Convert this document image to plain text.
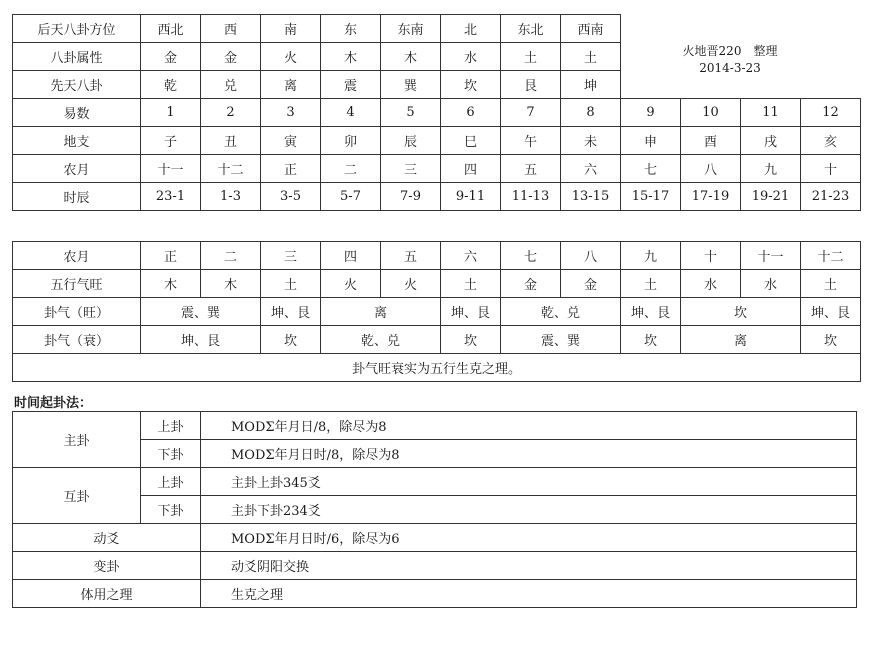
后天八卦方位	西北	西	南	东	东南	北	东北	西南				
八卦属性	金	金	火	木	木	水	土	土				
先天八卦	乾	兑	离	震	巽	坎	艮	坤				
易数	1	2	3	4	5	6	7	8	9	10	11	12
地支	子	丑	寅	卯	辰	巳	午	未	申	酉	戌	亥
农月	十一	十二	正	二	三	四	五	六	七	八	九	十
时辰	23-1	1-3	3-5	5-7	7-9	9-11	11-13	13-15	15-17	17-19	19-21	21-23
火地晋220　整理
2014-3-23
农月	正	二	三	四	五	六	七	八	九	十	十一	十二
五行气旺	木	木	土	火	火	土	金	金	土	水	水	土
卦气（旺）	震、巽		坤、艮	离		坤、艮	乾、兑		坤、艮	坎		坤、艮
卦气（衰）	坤、艮		坎	乾、兑		坎	震、巽		坎	离		坎
卦气旺衰实为五行生克之理。												
时间起卦法：
主卦	上卦	MODΣ年月日/8，除尽为8
	下卦	MODΣ年月日时/8，除尽为8
互卦	上卦	主卦上卦345爻
	下卦	主卦下卦234爻
动爻		MODΣ年月日时/6，除尽为6
变卦		动爻阴阳交换
体用之理		生克之理
